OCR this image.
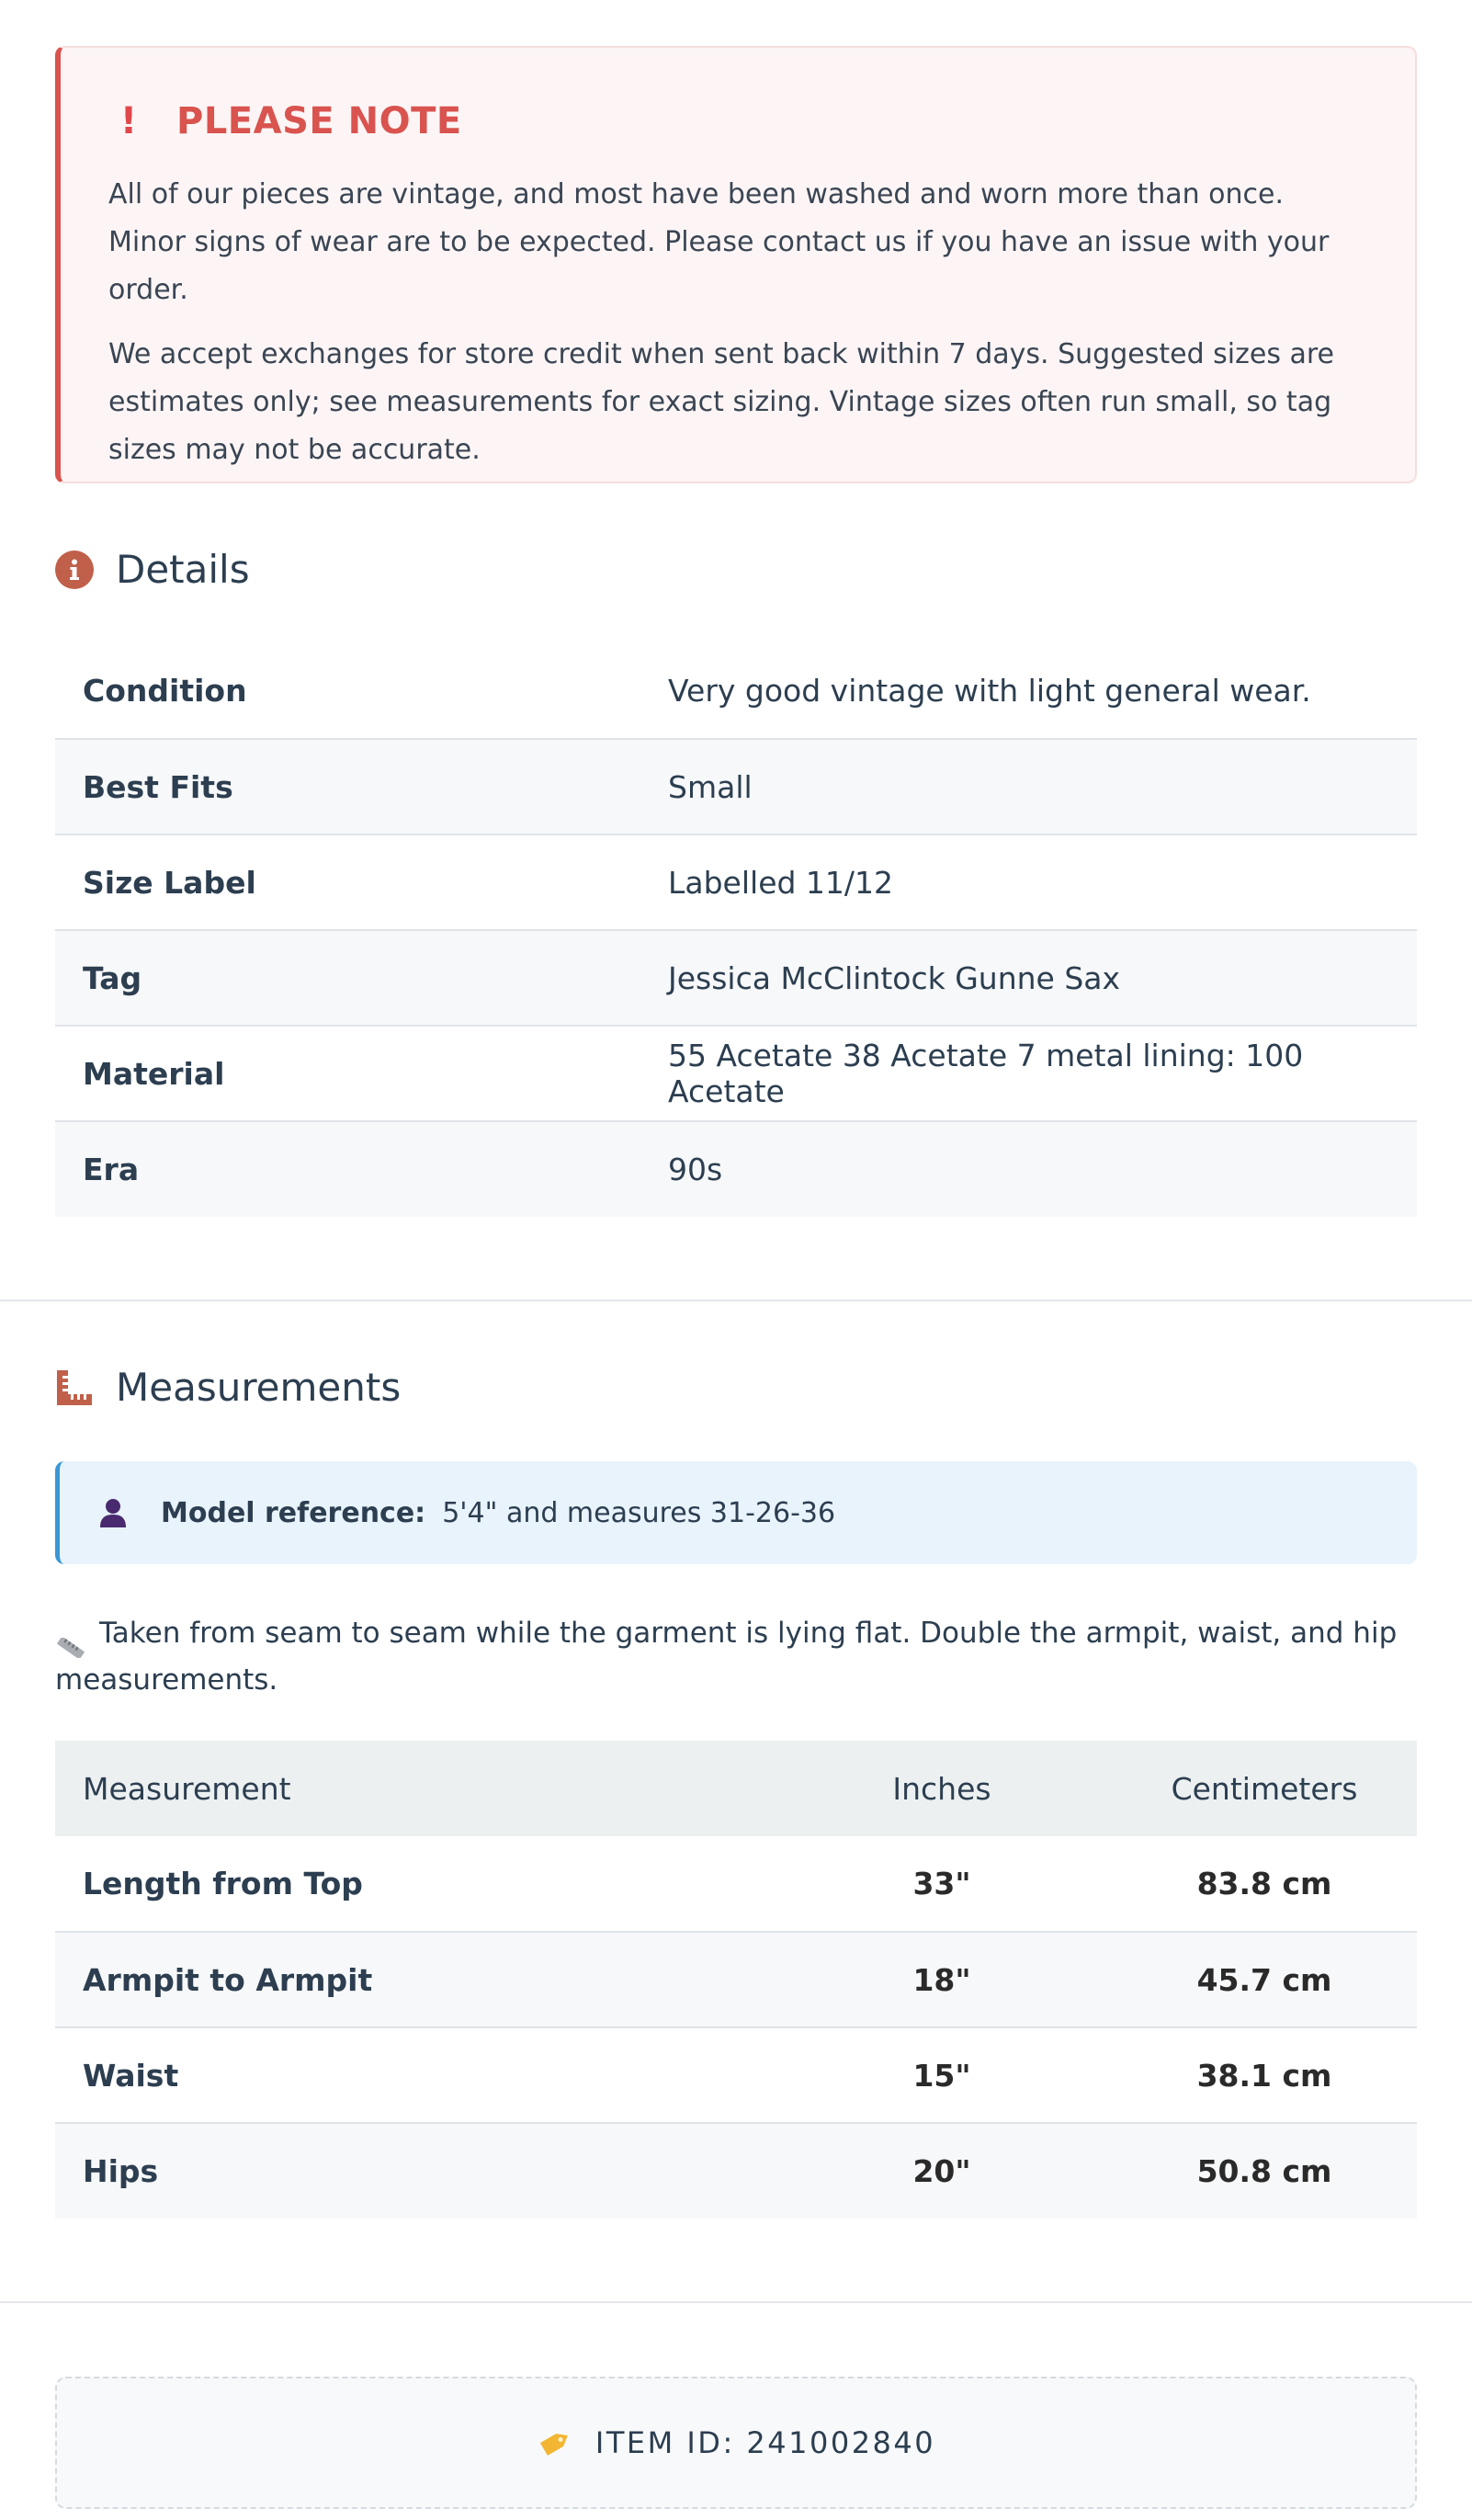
! PLEASE NOTE

All of our pieces are vintage, and most have been washed and worn more than once. Minor signs of wear are to be expected. Please contact us if you have an issue with your order.

We accept exchanges for store credit when sent back within 7 days. Suggested sizes are estimates only; see measurements for exact sizing. Vintage sizes often run small, so tag sizes may not be accurate.

Details
Condition	Very good vintage with light general wear.
Best Fits	Small
Size Label	Labelled 11/12
Tag	Jessica McClintock Gunne Sax
Material	55 Acetate 38 Acetate 7 metal lining: 100 Acetate
Era	90s
Measurements
Model reference: 5'4" and measures 31-26-36

Taken from seam to seam while the garment is lying flat. Double the armpit, waist, and hip measurements.

Measurement	Inches	Centimeters
Length from Top	33"	83.8 cm
Armpit to Armpit	18"	45.7 cm
Waist	15"	38.1 cm
Hips	20"	50.8 cm
ITEM ID: 241002840
